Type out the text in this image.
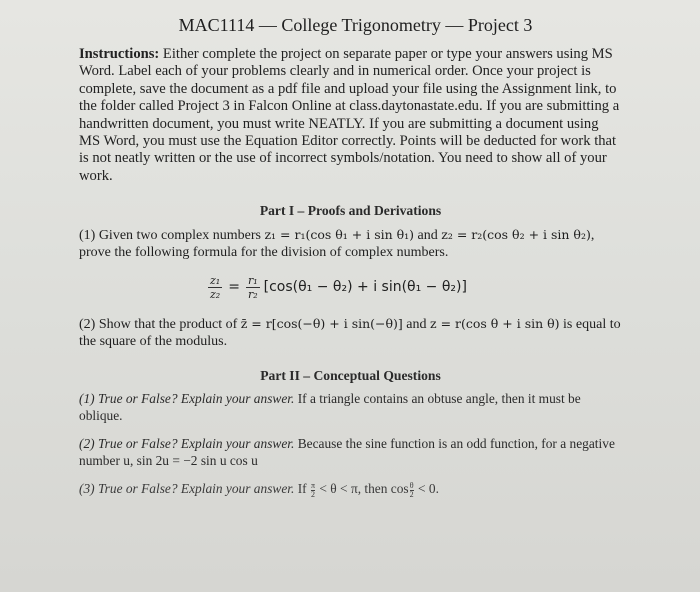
MAC1114 — College Trigonometry — Project 3

Instructions: Either complete the project on separate paper or type your answers using MS Word. Label each of your problems clearly and in numerical order. Once your project is complete, save the document as a pdf file and upload your file using the Assignment link, to the folder called Project 3 in Falcon Online at class.daytonastate.edu. If you are submitting a handwritten document, you must write NEATLY. If you are submitting a document using MS Word, you must use the Equation Editor correctly. Points will be deducted for work that is not neatly written or the use of incorrect symbols/notation. You need to show all of your work.

Part I – Proofs and Derivations

(1) Given two complex numbers z₁ = r₁(cos θ₁ + i sin θ₁) and z₂ = r₂(cos θ₂ + i sin θ₂), prove the following formula for the division of complex numbers.

$\frac{\text{z₁}}{\text{z₂}} = \frac{\text{r₁}}{\text{r₂}} [\cos(\theta_1 - \theta_2) + i$ sin(θ₁ − θ₂)]

(2) Show that the product of z̄ = r[cos(−θ) + i sin(−θ)] and z = r(cos θ + i sin θ) is equal to the square of the modulus.

Part II – Conceptual Questions

(1) True or False? Explain your answer. If a triangle contains an obtuse angle, then it must be oblique.

(2) True or False? Explain your answer. Because the sine function is an odd function, for a negative number u, sin 2u = −2 sin u cos u

(3) True or False? Explain your answer. If $\frac{\pi}{2} < \theta < \pi$, then $\cos \frac{\theta}{2} < 0$.
